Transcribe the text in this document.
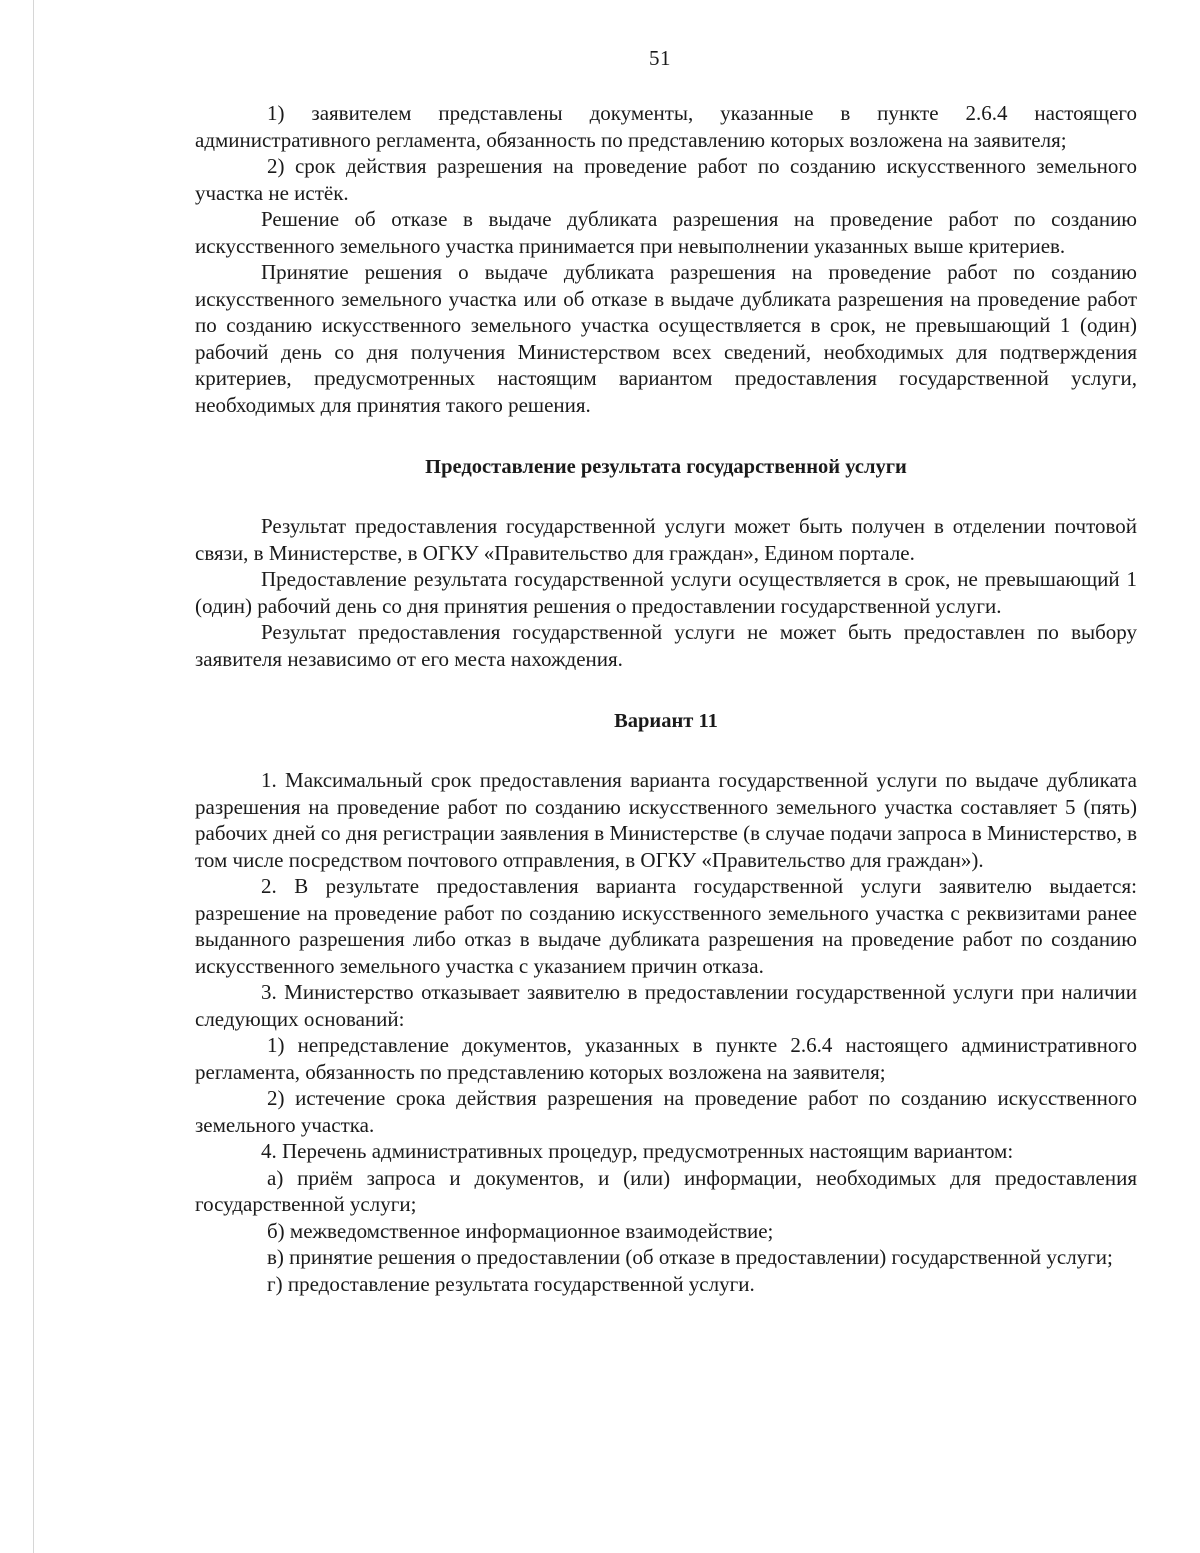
51

1) заявителем представлены документы, указанные в пункте 2.6.4 настоящего административного регламента, обязанность по представлению которых возложена на заявителя;

2) срок действия разрешения на проведение работ по созданию искусственного земельного участка не истёк.

Решение об отказе в выдаче дубликата разрешения на проведение работ по созданию искусственного земельного участка принимается при невыполнении указанных выше критериев.

Принятие решения о выдаче дубликата разрешения на проведение работ по созданию искусственного земельного участка или об отказе в выдаче дубликата разрешения на проведение работ по созданию искусственного земельного участка осуществляется в срок, не превышающий 1 (один) рабочий день со дня получения Министерством всех сведений, необходимых для подтверждения критериев, предусмотренных настоящим вариантом предоставления государственной услуги, необходимых для принятия такого решения.

Предоставление результата государственной услуги

Результат предоставления государственной услуги может быть получен в отделении почтовой связи, в Министерстве, в ОГКУ «Правительство для граждан», Едином портале.

Предоставление результата государственной услуги осуществляется в срок, не превышающий 1 (один) рабочий день со дня принятия решения о предоставлении государственной услуги.

Результат предоставления государственной услуги не может быть предоставлен по выбору заявителя независимо от его места нахождения.

Вариант 11

1. Максимальный срок предоставления варианта государственной услуги по выдаче дубликата разрешения на проведение работ по созданию искусственного земельного участка составляет 5 (пять) рабочих дней со дня регистрации заявления в Министерстве (в случае подачи запроса в Министерство, в том числе посредством почтового отправления, в ОГКУ «Правительство для граждан»).

2. В результате предоставления варианта государственной услуги заявителю выдается: разрешение на проведение работ по созданию искусственного земельного участка с реквизитами ранее выданного разрешения либо отказ в выдаче дубликата разрешения на проведение работ по созданию искусственного земельного участка с указанием причин отказа.

3. Министерство отказывает заявителю в предоставлении государственной услуги при наличии следующих оснований:

1) непредставление документов, указанных в пункте 2.6.4 настоящего административного регламента, обязанность по представлению которых возложена на заявителя;

2) истечение срока действия разрешения на проведение работ по созданию искусственного земельного участка.

4. Перечень административных процедур, предусмотренных настоящим вариантом:

а) приём запроса и документов, и (или) информации, необходимых для предоставления государственной услуги;

б) межведомственное информационное взаимодействие;

в) принятие решения о предоставлении (об отказе в предоставлении) государственной услуги;

г) предоставление результата государственной услуги.
